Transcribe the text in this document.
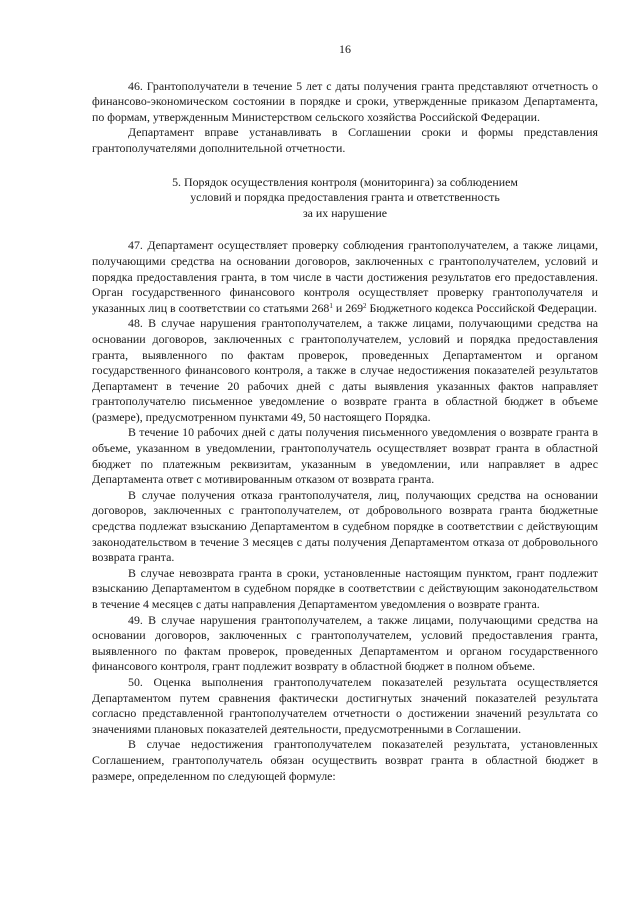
16

46. Грантополучатели в течение 5 лет с даты получения гранта представляют отчетность о финансово-экономическом состоянии в порядке и сроки, утвержденные приказом Департамента, по формам, утвержденным Министерством сельского хозяйства Российской Федерации.

Департамент вправе устанавливать в Соглашении сроки и формы представления грантополучателями дополнительной отчетности.

5. Порядок осуществления контроля (мониторинга) за соблюдением
условий и порядка предоставления гранта и ответственность
за их нарушение

47. Департамент осуществляет проверку соблюдения грантополучателем, а также лицами, получающими средства на основании договоров, заключенных с грантополучателем, условий и порядка предоставления гранта, в том числе в части достижения результатов его предоставления. Орган государственного финансового контроля осуществляет проверку грантополучателя и указанных лиц в соответствии со статьями $268^1$ и $269^2$ Бюджетного кодекса Российской Федерации.

48. В случае нарушения грантополучателем, а также лицами, получающими средства на основании договоров, заключенных с грантополучателем, условий и порядка предоставления гранта, выявленного по фактам проверок, проведенных Департаментом и органом государственного финансового контроля, а также в случае недостижения показателей результатов Департамент в течение 20 рабочих дней с даты выявления указанных фактов направляет грантополучателю письменное уведомление о возврате гранта в областной бюджет в объеме (размере), предусмотренном пунктами 49, 50 настоящего Порядка.

В течение 10 рабочих дней с даты получения письменного уведомления о возврате гранта в объеме, указанном в уведомлении, грантополучатель осуществляет возврат гранта в областной бюджет по платежным реквизитам, указанным в уведомлении, или направляет в адрес Департамента ответ с мотивированным отказом от возврата гранта.

В случае получения отказа грантополучателя, лиц, получающих средства на основании договоров, заключенных с грантополучателем, от добровольного возврата гранта бюджетные средства подлежат взысканию Департаментом в судебном порядке в соответствии с действующим законодательством в течение 3 месяцев с даты получения Департаментом отказа от добровольного возврата гранта.

В случае невозврата гранта в сроки, установленные настоящим пунктом, грант подлежит взысканию Департаментом в судебном порядке в соответствии с действующим законодательством в течение 4 месяцев с даты направления Департаментом уведомления о возврате гранта.

49. В случае нарушения грантополучателем, а также лицами, получающими средства на основании договоров, заключенных с грантополучателем, условий предоставления гранта, выявленного по фактам проверок, проведенных Департаментом и органом государственного финансового контроля, грант подлежит возврату в областной бюджет в полном объеме.

50. Оценка выполнения грантополучателем показателей результата осуществляется Департаментом путем сравнения фактически достигнутых значений показателей результата согласно представленной грантополучателем отчетности о достижении значений результата со значениями плановых показателей деятельности, предусмотренными в Соглашении.

В случае недостижения грантополучателем показателей результата, установленных Соглашением, грантополучатель обязан осуществить возврат гранта в областной бюджет в размере, определенном по следующей формуле:
